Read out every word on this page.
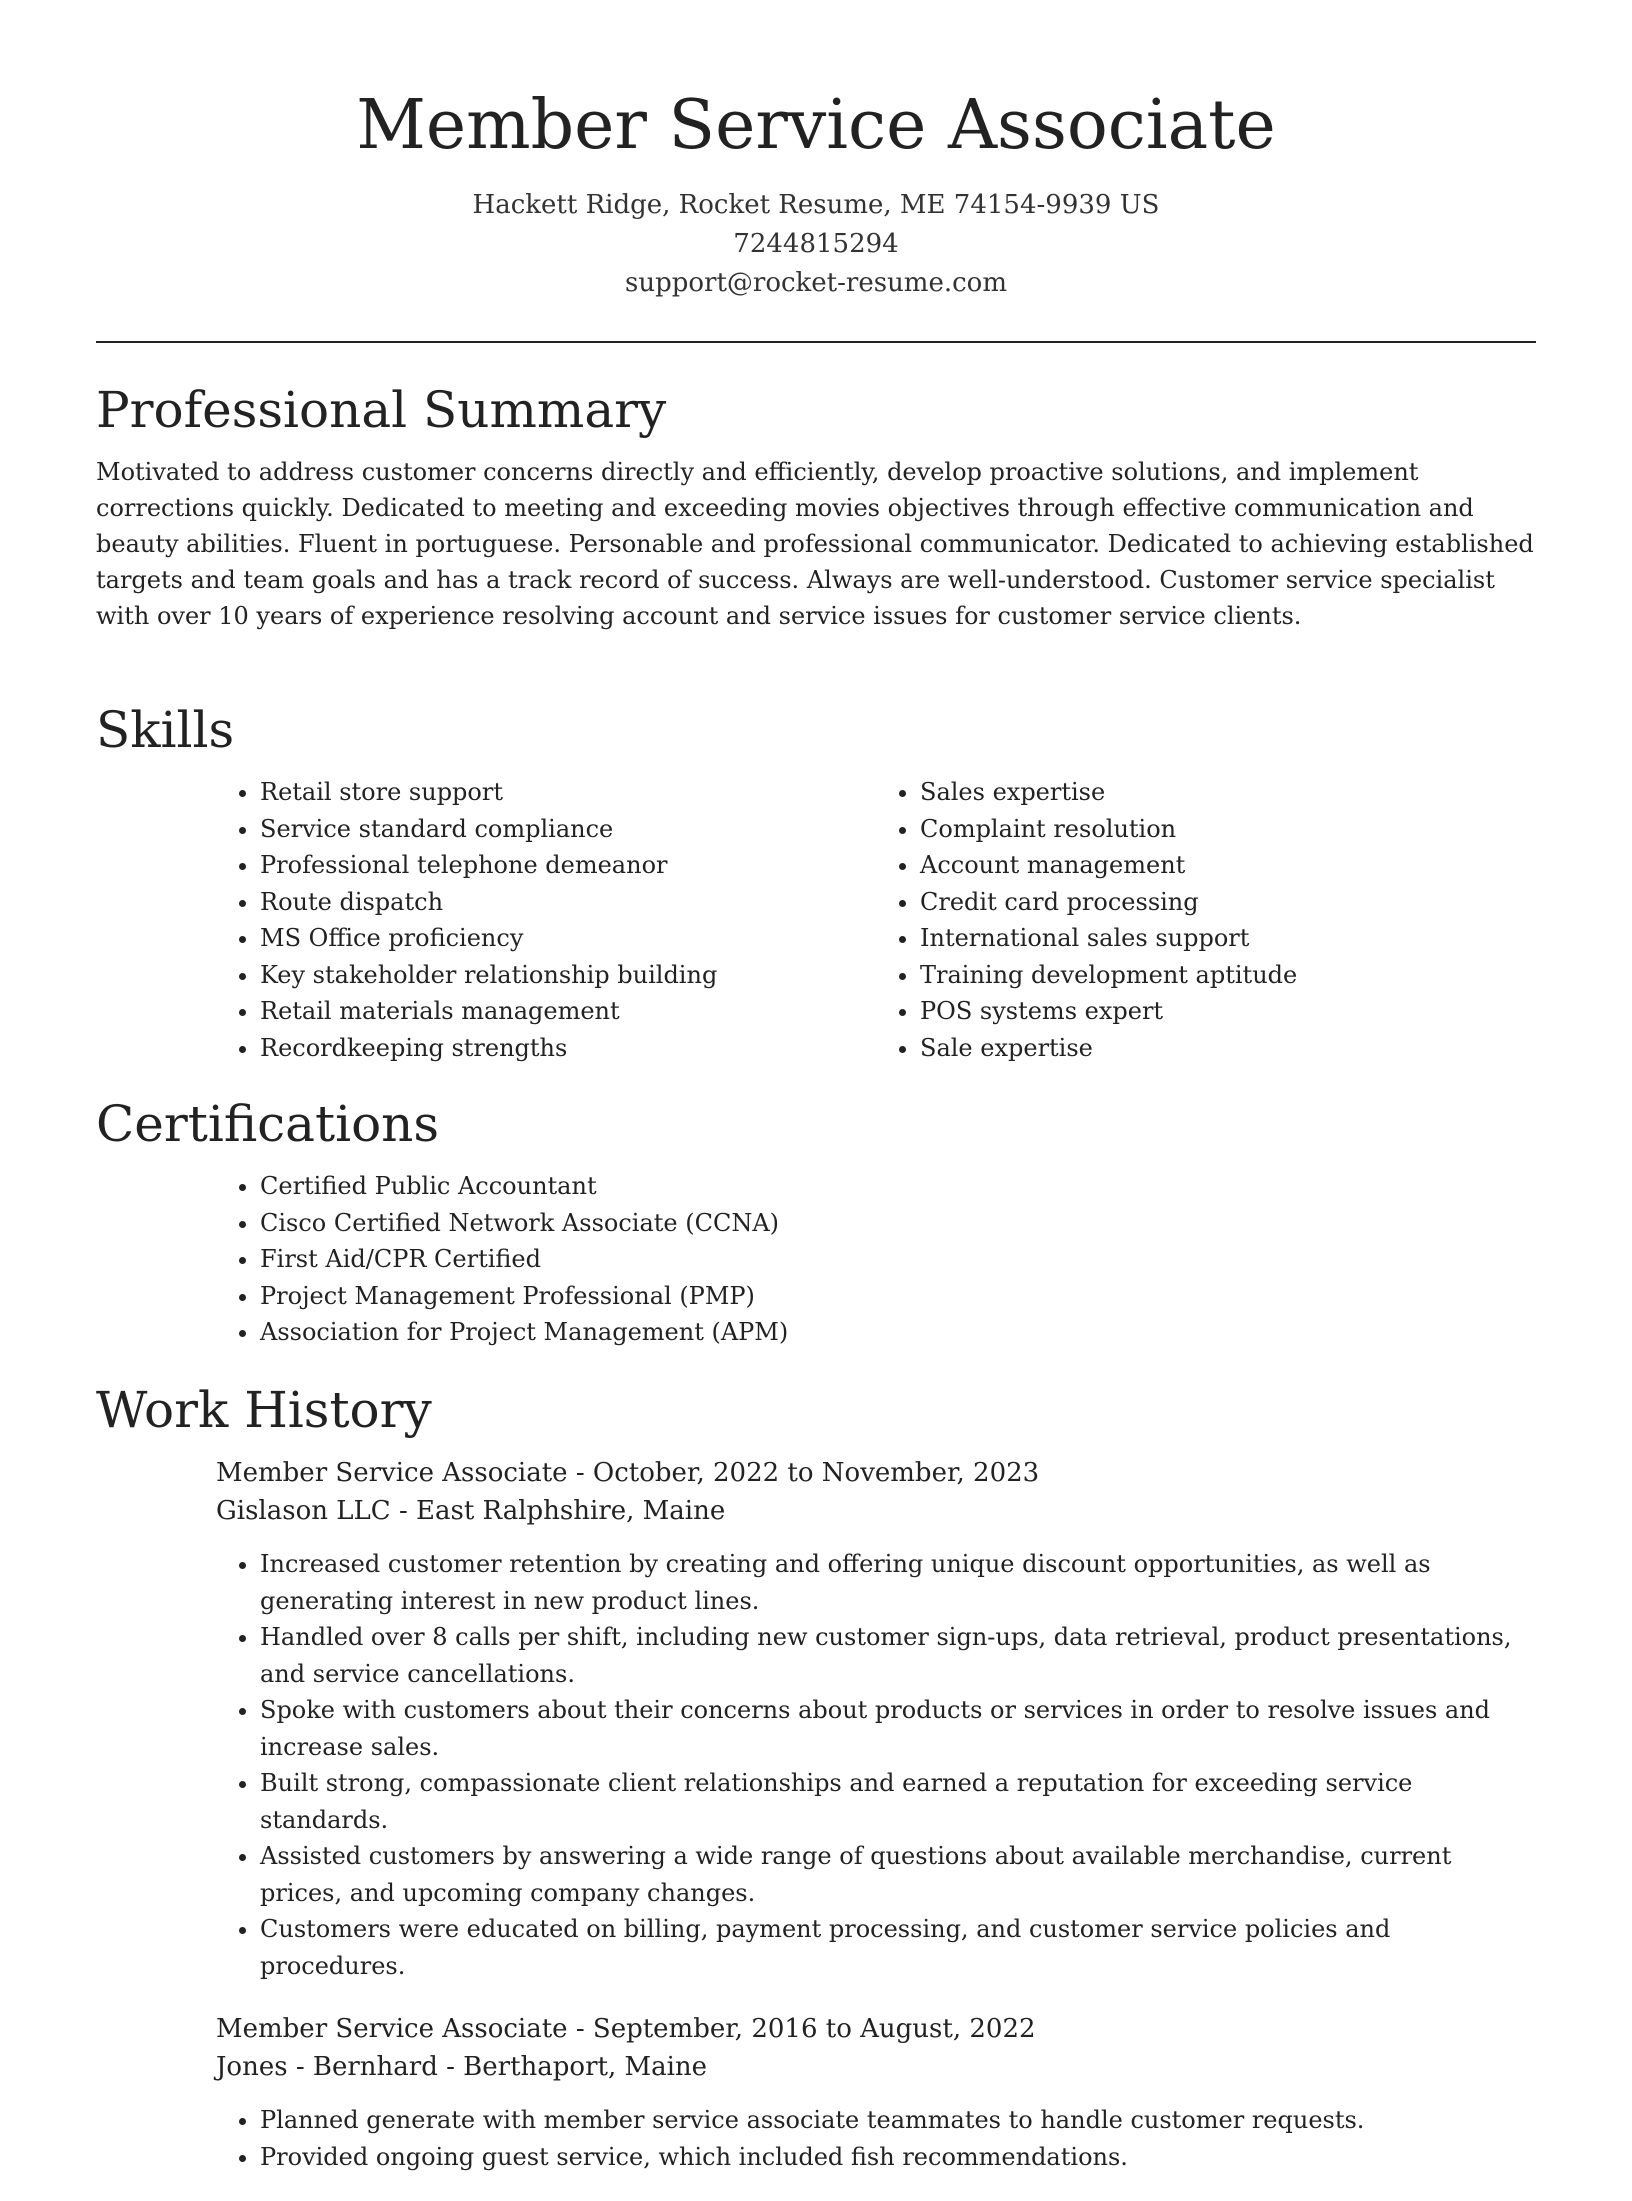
Member Service Associate
Hackett Ridge, Rocket Resume, ME 74154-9939 US
7244815294
support@rocket-resume.com
Professional Summary

Motivated to address customer concerns directly and efficiently, develop proactive solutions, and implement corrections quickly. Dedicated to meeting and exceeding movies objectives through effective communication and beauty abilities. Fluent in portuguese. Personable and professional communicator. Dedicated to achieving established targets and team goals and has a track record of success. Always are well-understood. Customer service specialist with over 10 years of experience resolving account and service issues for customer service clients.

Skills
• Retail store support
• Service standard compliance
• Professional telephone demeanor
• Route dispatch
• MS Office proficiency
• Key stakeholder relationship building
• Retail materials management
• Recordkeeping strengths
• Sales expertise
• Complaint resolution
• Account management
• Credit card processing
• International sales support
• Training development aptitude
• POS systems expert
• Sale expertise
Certifications
• Certified Public Accountant
• Cisco Certified Network Associate (CCNA)
• First Aid/CPR Certified
• Project Management Professional (PMP)
• Association for Project Management (APM)
Work History
Member Service Associate - October, 2022 to November, 2023
Gislason LLC - East Ralphshire, Maine
• Increased customer retention by creating and offering unique discount opportunities, as well as generating interest in new product lines.
• Handled over 8 calls per shift, including new customer sign-ups, data retrieval, product presentations, and service cancellations.
• Spoke with customers about their concerns about products or services in order to resolve issues and increase sales.
• Built strong, compassionate client relationships and earned a reputation for exceeding service standards.
• Assisted customers by answering a wide range of questions about available merchandise, current prices, and upcoming company changes.
• Customers were educated on billing, payment processing, and customer service policies and procedures.
Member Service Associate - September, 2016 to August, 2022
Jones - Bernhard - Berthaport, Maine
• Planned generate with member service associate teammates to handle customer requests.
• Provided ongoing guest service, which included fish recommendations.
